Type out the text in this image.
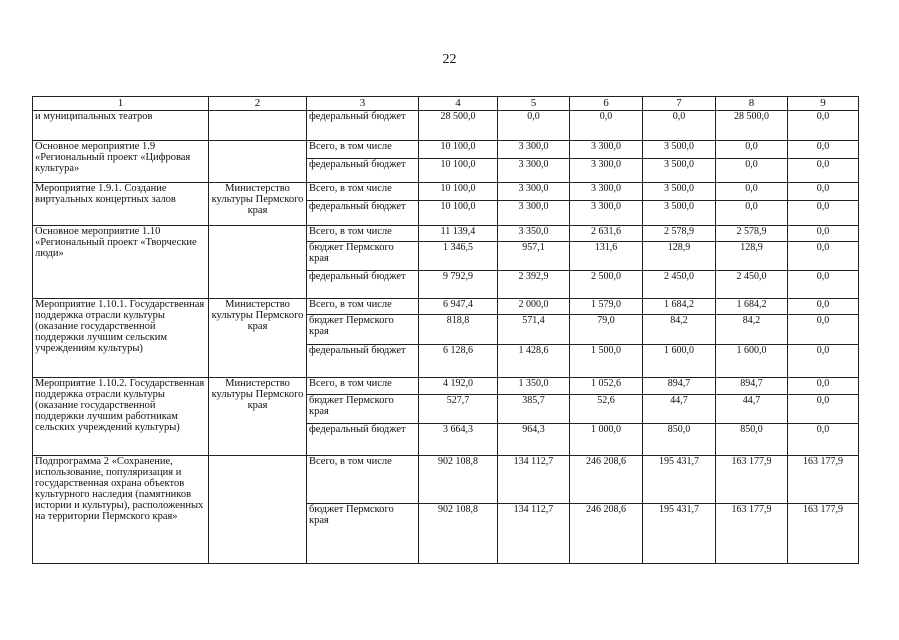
22
1	2	3	4	5	6	7	8	9
и муниципальных театров		федеральный бюджет	28 500,0	0,0	0,0	0,0	28 500,0	0,0
Основное мероприятие 1.9 «Региональный проект «Цифровая культура»		Всего, в том числе	10 100,0	3 300,0	3 300,0	3 500,0	0,0	0,0
		федеральный бюджет	10 100,0	3 300,0	3 300,0	3 500,0	0,0	0,0
Мероприятие 1.9.1. Создание виртуальных концертных залов	Министерство культуры Пермского края	Всего, в том числе	10 100,0	3 300,0	3 300,0	3 500,0	0,0	0,0
		федеральный бюджет	10 100,0	3 300,0	3 300,0	3 500,0	0,0	0,0
Основное мероприятие 1.10 «Региональный проект «Творческие люди»		Всего, в том числе	11 139,4	3 350,0	2 631,6	2 578,9	2 578,9	0,0
		бюджет Пермского края	1 346,5	957,1	131,6	128,9	128,9	0,0
		федеральный бюджет	9 792,9	2 392,9	2 500,0	2 450,0	2 450,0	0,0
Мероприятие 1.10.1. Государственная поддержка отрасли культуры (оказание государственной поддержки лучшим сельским учреждениям культуры)	Министерство культуры Пермского края	Всего, в том числе	6 947,4	2 000,0	1 579,0	1 684,2	1 684,2	0,0
		бюджет Пермского края	818,8	571,4	79,0	84,2	84,2	0,0
		федеральный бюджет	6 128,6	1 428,6	1 500,0	1 600,0	1 600,0	0,0
Мероприятие 1.10.2. Государственная поддержка отрасли культуры (оказание государственной поддержки лучшим работникам сельских учреждений культуры)	Министерство культуры Пермского края	Всего, в том числе	4 192,0	1 350,0	1 052,6	894,7	894,7	0,0
		бюджет Пермского края	527,7	385,7	52,6	44,7	44,7	0,0
		федеральный бюджет	3 664,3	964,3	1 000,0	850,0	850,0	0,0
Подпрограмма 2 «Сохранение, использование, популяризация и государственная охрана объектов культурного наследия (памятников истории и культуры), расположенных на территории Пермского края»		Всего, в том числе	902 108,8	134 112,7	246 208,6	195 431,7	163 177,9	163 177,9
		бюджет Пермского края	902 108,8	134 112,7	246 208,6	195 431,7	163 177,9	163 177,9
